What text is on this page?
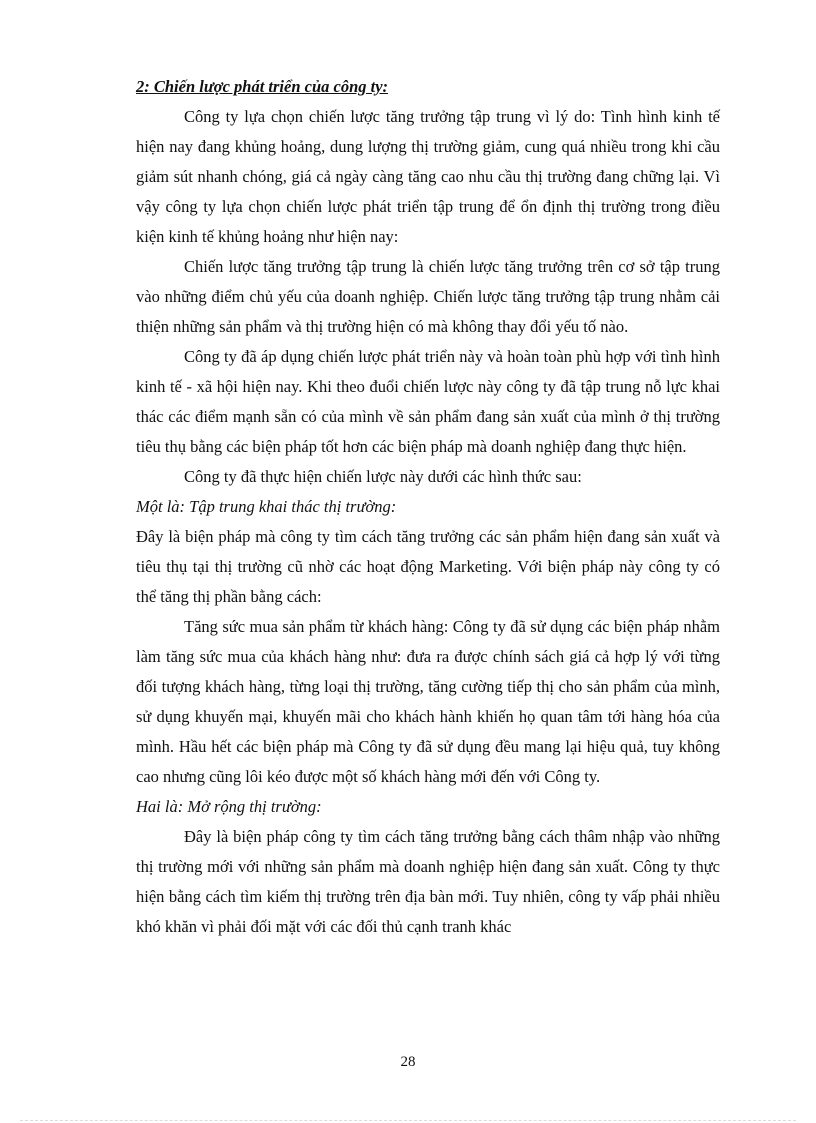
2: Chiến lược phát triển của công ty:

Công ty lựa chọn chiến lược tăng trưởng tập trung vì lý do: Tình hình kinh tế hiện nay đang khủng hoảng, dung lượng thị trường giảm, cung quá nhiều trong khi cầu giảm sút nhanh chóng, giá cả ngày càng tăng cao nhu cầu thị trường đang chững lại. Vì vậy công ty lựa chọn chiến lược phát triển tập trung để ổn định thị trường trong điều kiện kinh tế khủng hoảng như hiện nay:

Chiến lược tăng trưởng tập trung là chiến lược tăng trưởng trên cơ sở tập trung vào những điểm chủ yếu của doanh nghiệp. Chiến lược tăng trưởng tập trung nhằm cải thiện những sản phẩm và thị trường hiện có mà không thay đổi yếu tố nào.

Công ty đã áp dụng chiến lược phát triển này và hoàn toàn phù hợp với tình hình kinh tế - xã hội hiện nay. Khi theo đuổi chiến lược này công ty đã tập trung nỗ lực khai thác các điểm mạnh sẵn có của mình về sản phẩm đang sản xuất của mình ở thị trường tiêu thụ bằng các biện pháp tốt hơn các biện pháp mà doanh nghiệp đang thực hiện.

Công ty đã thực hiện chiến lược này dưới các hình thức sau:

Một là: Tập trung khai thác thị trường:

Đây là biện pháp mà công ty tìm cách tăng trưởng các sản phẩm hiện đang sản xuất và tiêu thụ tại thị trường cũ nhờ các hoạt động Marketing. Với biện pháp này công ty có thể tăng thị phần bằng cách:

Tăng sức mua sản phẩm từ khách hàng: Công ty đã sử dụng các biện pháp nhằm làm tăng sức mua của khách hàng như: đưa ra được chính sách giá cả hợp lý với từng đối tượng khách hàng, từng loại thị trường, tăng cường tiếp thị cho sản phẩm của mình, sử dụng khuyến mại, khuyến mãi cho khách hành khiến họ quan tâm tới hàng hóa của mình. Hầu hết các biện pháp mà Công ty đã sử dụng đều mang lại hiệu quả, tuy không cao nhưng cũng lôi kéo được một số khách hàng mới đến với Công ty.

Hai là: Mở rộng thị trường:

Đây là biện pháp công ty tìm cách tăng trưởng bằng cách thâm nhập vào những thị trường mới với những sản phẩm mà doanh nghiệp hiện đang sản xuất. Công ty thực hiện bằng cách tìm kiếm thị trường trên địa bàn mới. Tuy nhiên, công ty vấp phải nhiều khó khăn vì phải đối mặt với các đối thủ cạnh tranh khác

28
